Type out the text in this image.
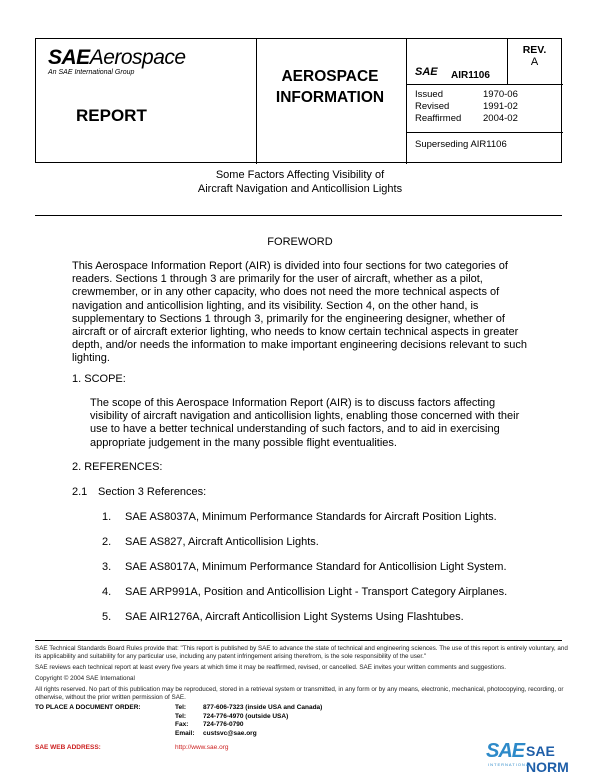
SAEAerospace
An SAE International Group
REPORT
AEROSPACE
INFORMATION
SAE AIR1106
REV.
A
Issued	1970-06
Revised	1991-02
Reaffirmed	2004-02
Superseding AIR1106
Some Factors Affecting Visibility of
Aircraft Navigation and Anticollision Lights
FOREWORD
This Aerospace Information Report (AIR) is divided into four sections for two categories of readers. Sections 1 through 3 are primarily for the user of aircraft, whether as a pilot, crewmember, or in any other capacity, who does not need the more technical aspects of navigation and anticollision lighting, and its visibility. Section 4, on the other hand, is supplementary to Sections 1 through 3, primarily for the engineering designer, whether of aircraft or of aircraft exterior lighting, who needs to know certain technical aspects in greater depth, and/or needs the information to make important engineering decisions relevant to such lighting.
1. SCOPE:
The scope of this Aerospace Information Report (AIR) is to discuss factors affecting visibility of aircraft navigation and anticollision lights, enabling those concerned with their use to have a better technical understanding of such factors, and to aid in exercising appropriate judgement in the many possible flight eventualities.
2. REFERENCES:
2.1 Section 3 References:
1. SAE AS8037A, Minimum Performance Standards for Aircraft Position Lights.
2. SAE AS827, Aircraft Anticollision Lights.
3. SAE AS8017A, Minimum Performance Standard for Anticollision Light System.
4. SAE ARP991A, Position and Anticollision Light - Transport Category Airplanes.
5. SAE AIR1276A, Aircraft Anticollision Light Systems Using Flashtubes.

SAE Technical Standards Board Rules provide that: "This report is published by SAE to advance the state of technical and engineering sciences. The use of this report is entirely voluntary, and its applicability and suitability for any particular use, including any patent infringement arising therefrom, is the sole responsibility of the user."

SAE reviews each technical report at least every five years at which time it may be reaffirmed, revised, or cancelled. SAE invites your written comments and suggestions.

Copyright © 2004 SAE International

All rights reserved. No part of this publication may be reproduced, stored in a retrieval system or transmitted, in any form or by any means, electronic, mechanical, photocopying, recording, or otherwise, without the prior written permission of SAE.

TO PLACE A DOCUMENT ORDER:	Tel:	877-606-7323 (inside USA and Canada)
Tel:	724-776-4970 (outside USA)
Fax:	724-776-0790
Email:	custsvc@sae.org
SAE WEB ADDRESS:	http://www.sae.org	SAE SAE NORM
INTERNATIONAL
